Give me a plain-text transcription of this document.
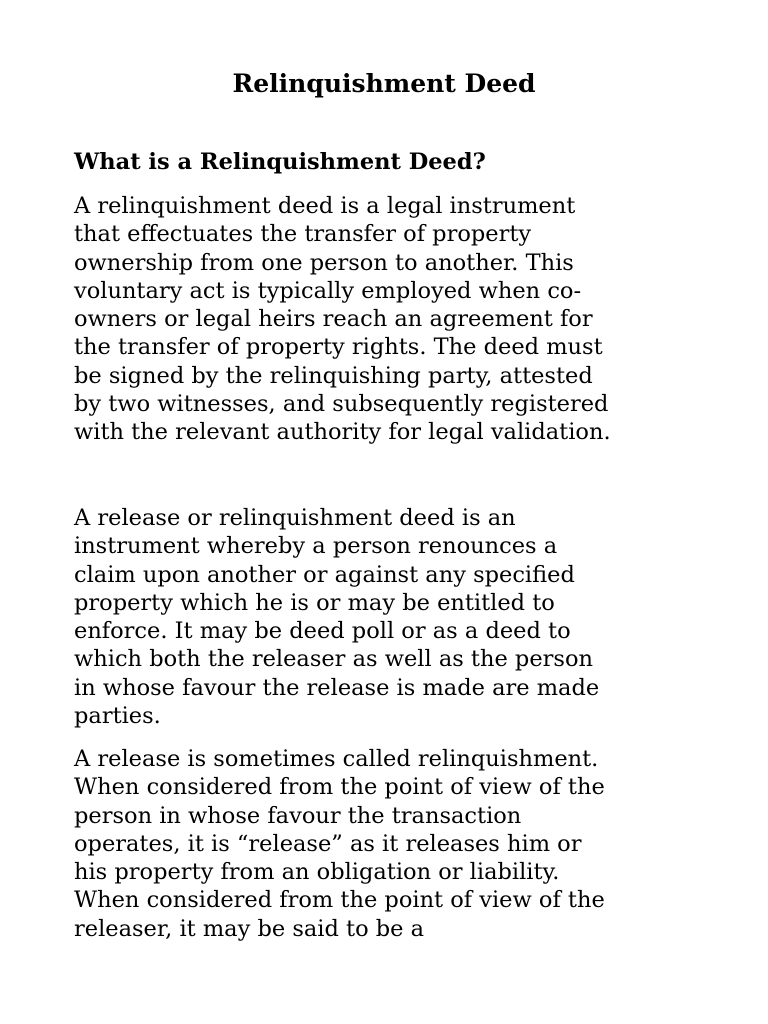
Relinquishment Deed
What is a Relinquishment Deed?

A relinquishment deed is a legal instrument
that effectuates the transfer of property
ownership from one person to another. This
voluntary act is typically employed when co-
owners or legal heirs reach an agreement for
the transfer of property rights. The deed must
be signed by the relinquishing party, attested
by two witnesses, and subsequently registered
with the relevant authority for legal validation.

A release or relinquishment deed is an
instrument whereby a person renounces a
claim upon another or against any specified
property which he is or may be entitled to
enforce. It may be deed poll or as a deed to
which both the releaser as well as the person
in whose favour the release is made are made
parties.

A release is sometimes called relinquishment.
When considered from the point of view of the
person in whose favour the transaction
operates, it is “release” as it releases him or
his property from an obligation or liability.
When considered from the point of view of the
releaser, it may be said to be a
